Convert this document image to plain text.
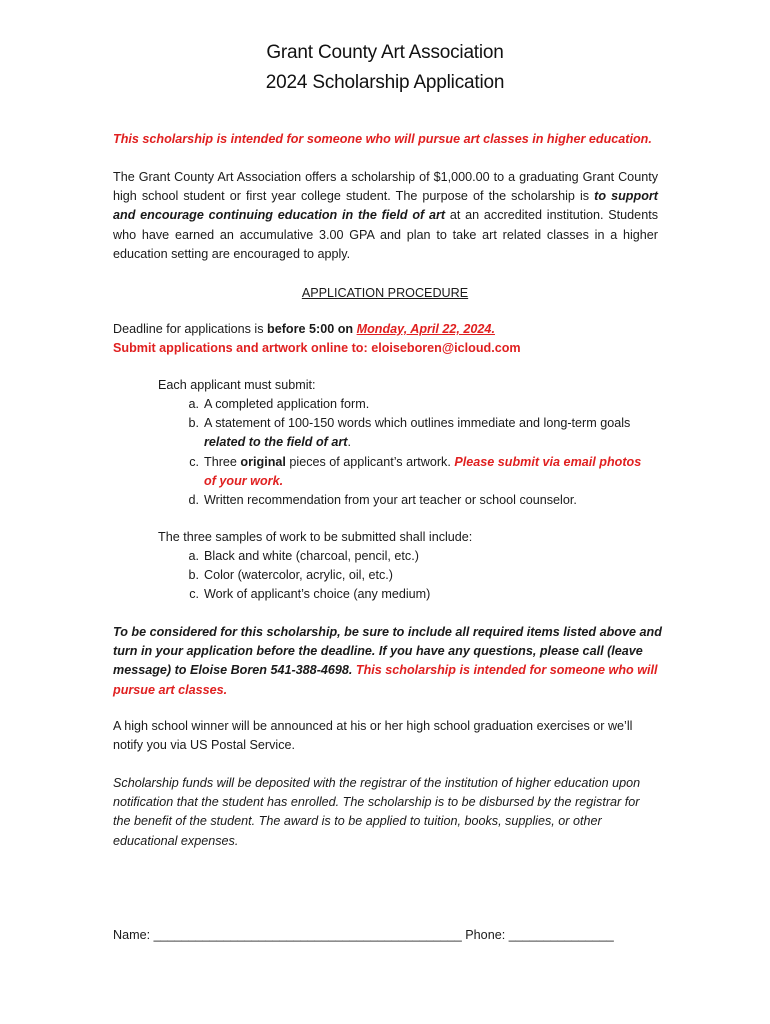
Grant County Art Association
2024 Scholarship Application
This scholarship is intended for someone who will pursue art classes in higher education.
The Grant County Art Association offers a scholarship of $1,000.00 to a graduating Grant County high school student or first year college student. The purpose of the scholarship is to support and encourage continuing education in the field of art at an accredited institution. Students who have earned an accumulative 3.00 GPA and plan to take art related classes in a higher education setting are encouraged to apply.
APPLICATION PROCEDURE
Deadline for applications is before 5:00 on Monday, April 22, 2024.
Submit applications and artwork online to: eloiseboren@icloud.com
Each applicant must submit:
a. A completed application form.
b. A statement of 100-150 words which outlines immediate and long-term goals related to the field of art.
c. Three original pieces of applicant’s artwork. Please submit via email photos of your work.
d. Written recommendation from your art teacher or school counselor.
The three samples of work to be submitted shall include:
a. Black and white (charcoal, pencil, etc.)
b. Color (watercolor, acrylic, oil, etc.)
c. Work of applicant’s choice (any medium)
To be considered for this scholarship, be sure to include all required items listed above and turn in your application before the deadline. If you have any questions, please call (leave message) to Eloise Boren 541-388-4698. This scholarship is intended for someone who will pursue art classes.
A high school winner will be announced at his or her high school graduation exercises or we’ll notify you via US Postal Service.
Scholarship funds will be deposited with the registrar of the institution of higher education upon notification that the student has enrolled. The scholarship is to be disbursed by the registrar for the benefit of the student. The award is to be applied to tuition, books, supplies, or other educational expenses.
Name: ____________________________________________ Phone: _______________
